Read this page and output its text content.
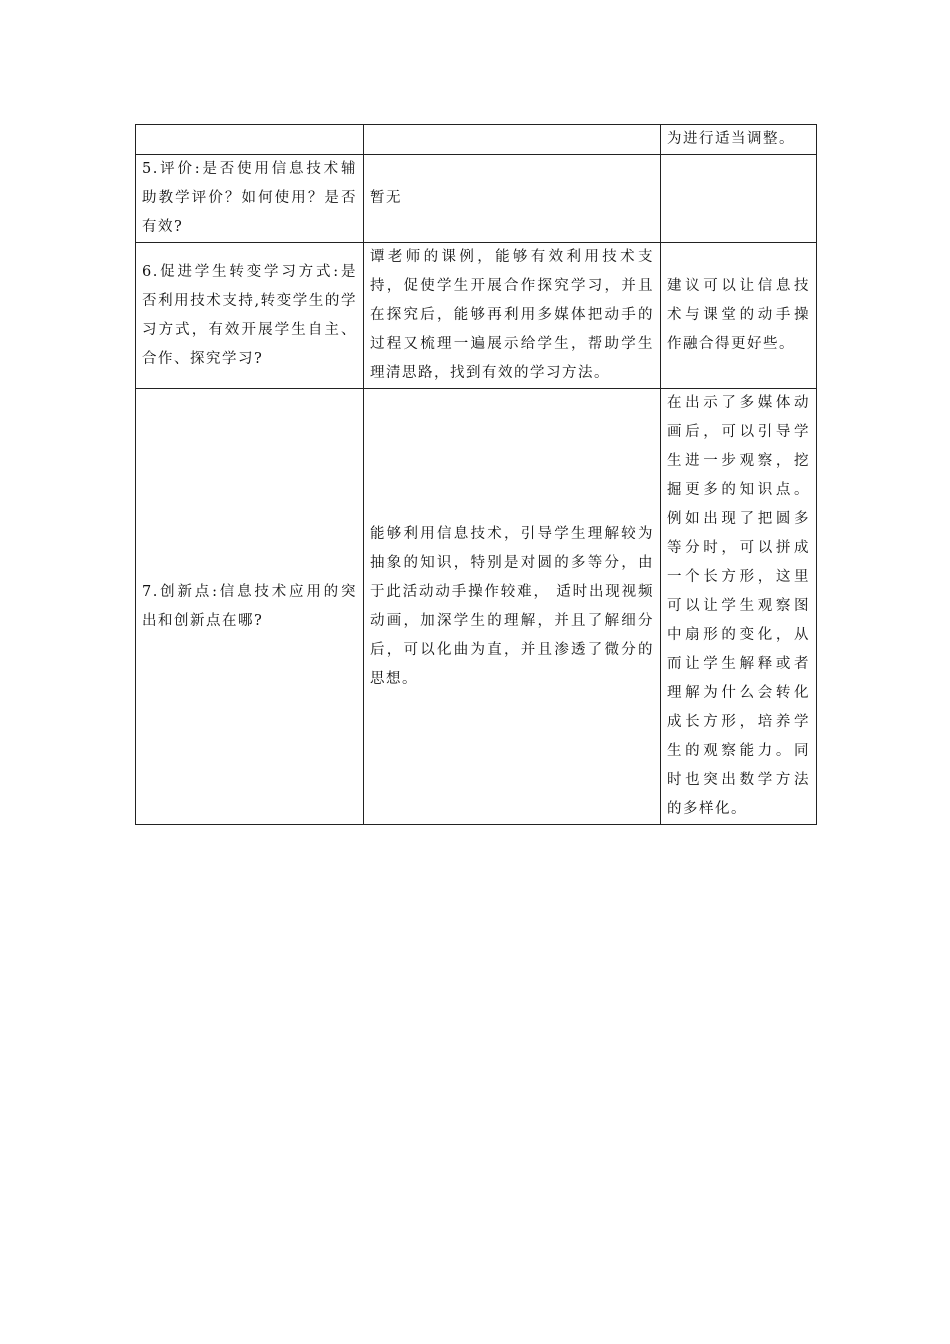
		为进行适当调整。
5.评价:是否使用信息技术辅助教学评价？如何使用？是否有效?	暂无	
6.促进学生转变学习方式:是否利用技术支持,转变学生的学习方式，有效开展学生自主、合作、探究学习?	谭老师的课例，能够有效利用技术支持，促使学生开展合作探究学习，并且在探究后，能够再利用多媒体把动手的过程又梳理一遍展示给学生，帮助学生理清思路，找到有效的学习方法。	建议可以让信息技术与课堂的动手操作融合得更好些。
7.创新点:信息技术应用的突出和创新点在哪?	能够利用信息技术，引导学生理解较为抽象的知识，特别是对圆的多等分，由于此活动动手操作较难， 适时出现视频动画，加深学生的理解，并且了解细分后，可以化曲为直，并且渗透了微分的思想。	在出示了多媒体动画后，可以引导学生进一步观察，挖掘更多的知识点。例如出现了把圆多等分时，可以拼成一个长方形，这里可以让学生观察图中扇形的变化，从而让学生解释或者理解为什么会转化成长方形，培养学生的观察能力。同时也突出数学方法的多样化。
